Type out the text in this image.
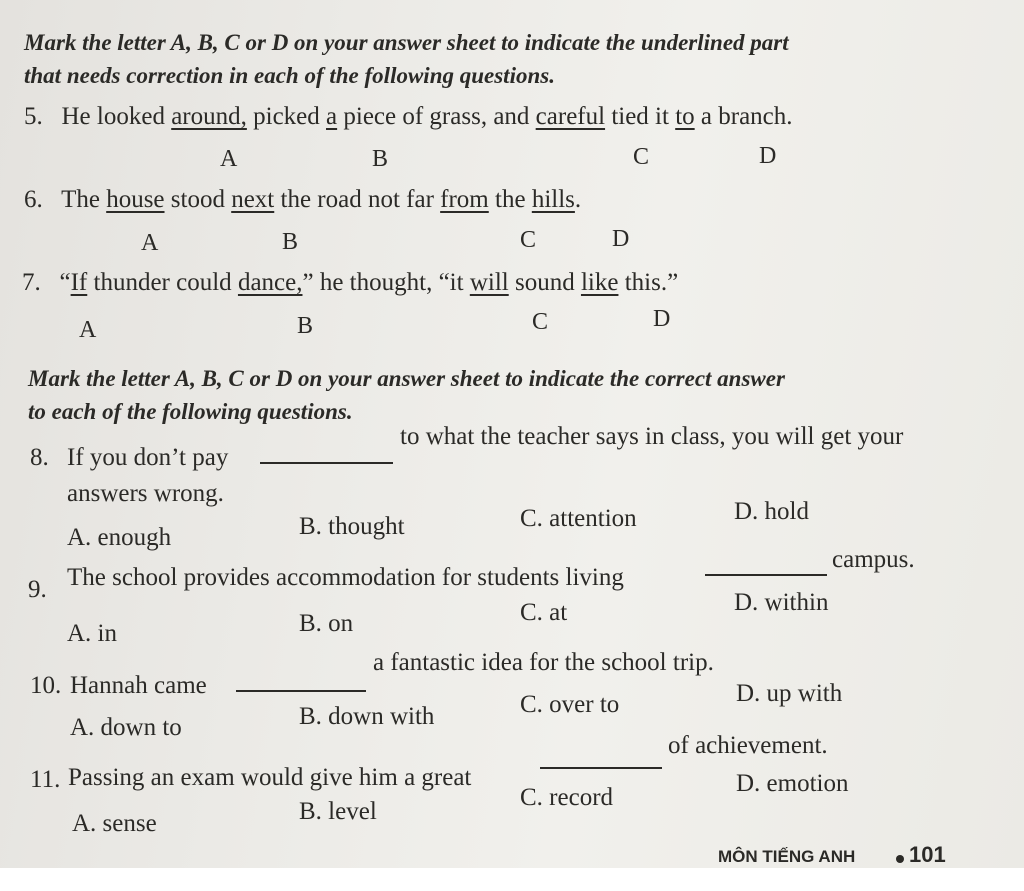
Mark the letter A, B, C or D on your answer sheet to indicate the underlined part
that needs correction in each of the following questions.
5. He looked around, picked a piece of grass, and careful tied it to a branch.
A	B	C	D
6. The house stood next the road not far from the hills.
A	B	C	D
7. “If thunder could dance,” he thought, “it will sound like this.”
A	B	C	D
Mark the letter A, B, C or D on your answer sheet to indicate the correct answer
to each of the following questions.
8. If you don’t pay
to what the teacher says in class, you will get your
answers wrong.
A. enough	B. thought	C. attention	D. hold
9. The school provides accommodation for students living
campus.
A. in	B. on	C. at	D. within
10. Hannah came
a fantastic idea for the school trip.
A. down to	B. down with	C. over to	D. up with
11. Passing an exam would give him a great
of achievement.
A. sense	B. level
C. record
D. emotion
MÔN TIẾNG ANH 101
